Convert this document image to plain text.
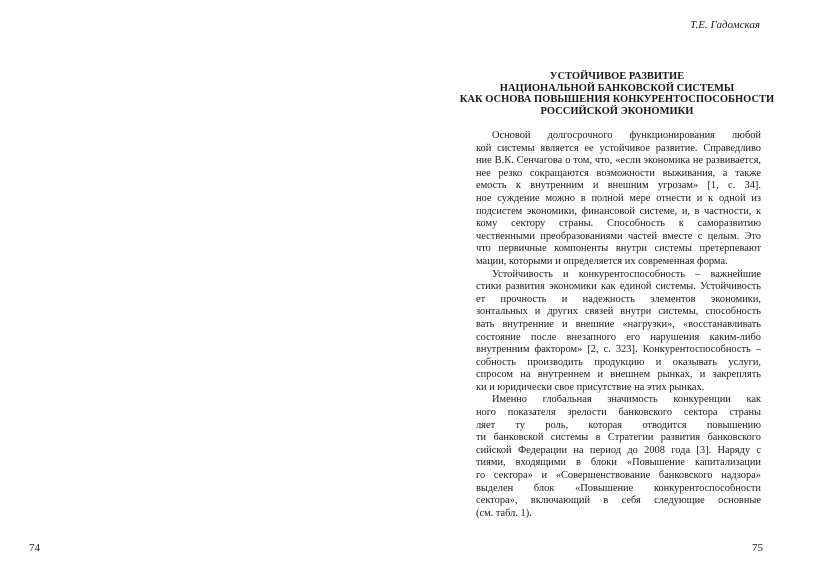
74
Т.Е. Гадомская
УСТОЙЧИВОЕ РАЗВИТИЕ
НАЦИОНАЛЬНОЙ БАНКОВСКОЙ СИСТЕМЫ
КАК ОСНОВА ПОВЫШЕНИЯ КОНКУРЕНТОСПОСОБНОСТИ
РОССИЙСКОЙ ЭКОНОМИКИ
Основой долгосрочного функционирования любой
кой системы является ее устойчивое развитие. Справедливо
ние В.К. Сенчагова о том, что, «если экономика не развивается,
нее резко сокращаются возможности выживания, а также
емость к внутренним и внешним угрозам» [1, с. 34].
ное суждение можно в полной мере отнести и к одной из
подсистем экономики, финансовой системе, и, в частности, к
кому сектору страны. Способность к саморазвитию
чественными преобразованиями частей вместе с целым. Это
что первичные компоненты внутри системы претерпевают
мации, которыми и определяется их современная форма.
Устойчивость и конкурентоспособность – важнейшие
стики развития экономики как единой системы. Устойчивость
ет прочность и надежность элементов экономики,
зонтальных и других связей внутри системы, способность
вать внутренние и внешние «нагрузки», «восстанавливать
состояние после внезапного его нарушения каким-либо
внутренним фактором» [2, с. 323]. Конкурентоспособность –
собность производить продукцию и оказывать услуги,
спросом на внутреннем и внешнем рынках, и закреплять
ки и юридически свое присутствие на этих рынках.
Именно глобальная значимость конкуренции как
ного показателя зрелости банковского сектора страны
ляет ту роль, которая отводится повышению
ти банковской системы в Стратегии развития банковского
сийской Федерации на период до 2008 года [3]. Наряду с
тиями, входящими в блоки «Повышение капитализации
го сектора» и «Совершенствование банковского надзора»
выделен блок «Повышение конкурентоспособности
сектора», включающий в себя следующие основные
(см. табл. 1).
75
